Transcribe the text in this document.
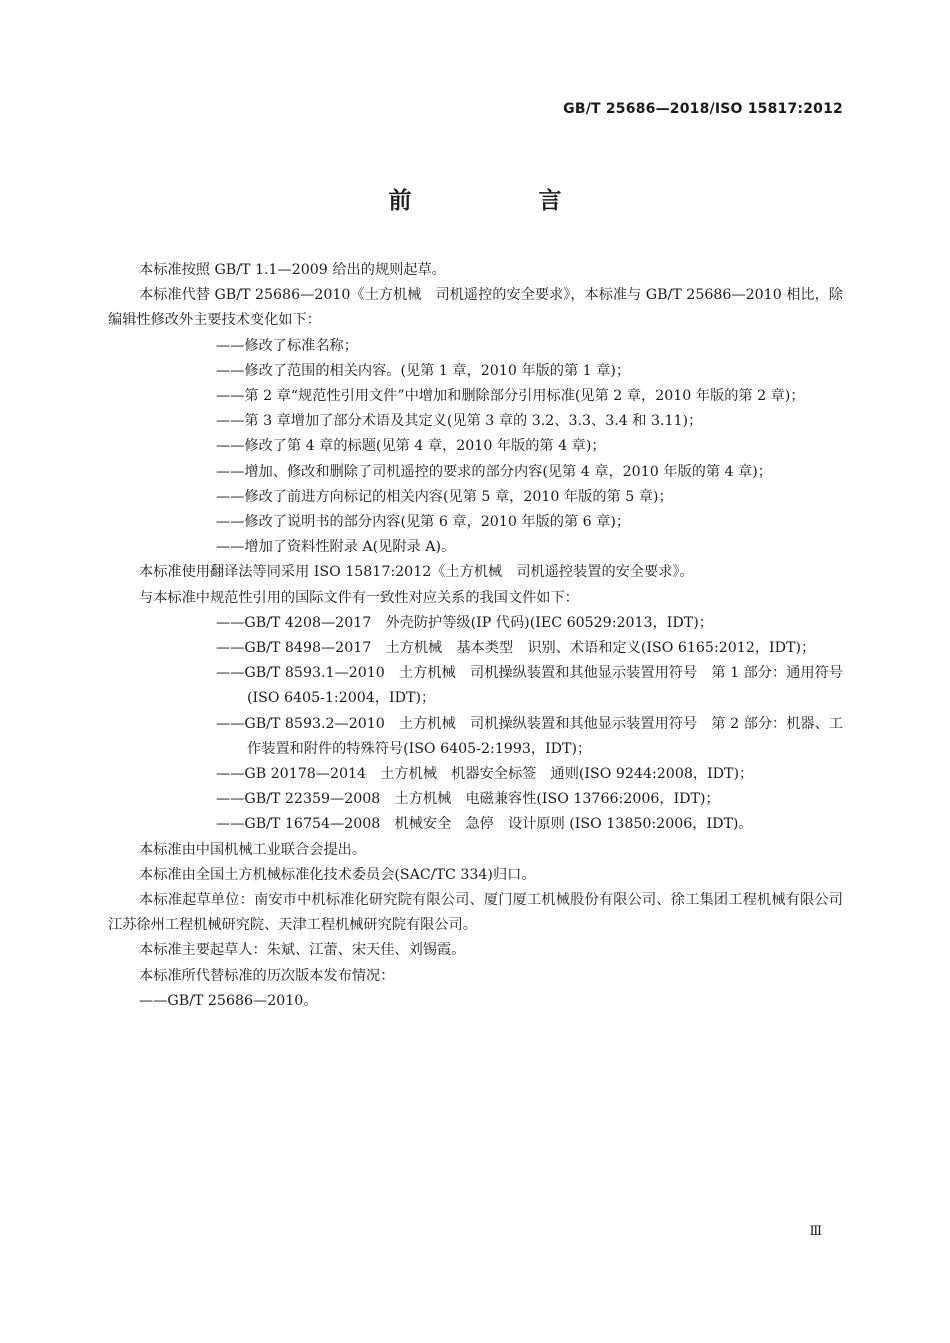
GB/T 25686—2018/ISO 15817:2012
前　言

本标准按照 GB/T 1.1—2009 给出的规则起草。

本标准代替 GB/T 25686—2010《土方机械　司机遥控的安全要求》，本标准与 GB/T 25686—2010 相比，除编辑性修改外主要技术变化如下：

——修改了标准名称；

——修改了范围的相关内容。(见第 1 章，2010 年版的第 1 章)；

——第 2 章“规范性引用文件”中增加和删除部分引用标准(见第 2 章，2010 年版的第 2 章)；

——第 3 章增加了部分术语及其定义(见第 3 章的 3.2、3.3、3.4 和 3.11)；

——修改了第 4 章的标题(见第 4 章，2010 年版的第 4 章)；

——增加、修改和删除了司机遥控的要求的部分内容(见第 4 章，2010 年版的第 4 章)；

——修改了前进方向标记的相关内容(见第 5 章，2010 年版的第 5 章)；

——修改了说明书的部分内容(见第 6 章，2010 年版的第 6 章)；

——增加了资料性附录 A(见附录 A)。

本标准使用翻译法等同采用 ISO 15817:2012《土方机械　司机遥控装置的安全要求》。

与本标准中规范性引用的国际文件有一致性对应关系的我国文件如下：

——GB/T 4208—2017　外壳防护等级(IP 代码)(IEC 60529:2013，IDT)；

——GB/T 8498—2017　土方机械　基本类型　识别、术语和定义(ISO 6165:2012，IDT)；

——GB/T 8593.1—2010　土方机械　司机操纵装置和其他显示装置用符号　第 1 部分：通用符号(ISO 6405-1:2004，IDT)；

——GB/T 8593.2—2010　土方机械　司机操纵装置和其他显示装置用符号　第 2 部分：机器、工作装置和附件的特殊符号(ISO 6405-2:1993，IDT)；

——GB 20178—2014　土方机械　机器安全标签　通则(ISO 9244:2008，IDT)；

——GB/T 22359—2008　土方机械　电磁兼容性(ISO 13766:2006，IDT)；

——GB/T 16754—2008　机械安全　急停　设计原则 (ISO 13850:2006，IDT)。

本标准由中国机械工业联合会提出。

本标准由全国土方机械标准化技术委员会(SAC/TC 334)归口。

本标准起草单位：南安市中机标准化研究院有限公司、厦门厦工机械股份有限公司、徐工集团工程机械有限公司江苏徐州工程机械研究院、天津工程机械研究院有限公司。

本标准主要起草人：朱斌、江蕾、宋天佳、刘锡霞。

本标准所代替标准的历次版本发布情况：

——GB/T 25686—2010。

Ⅲ
